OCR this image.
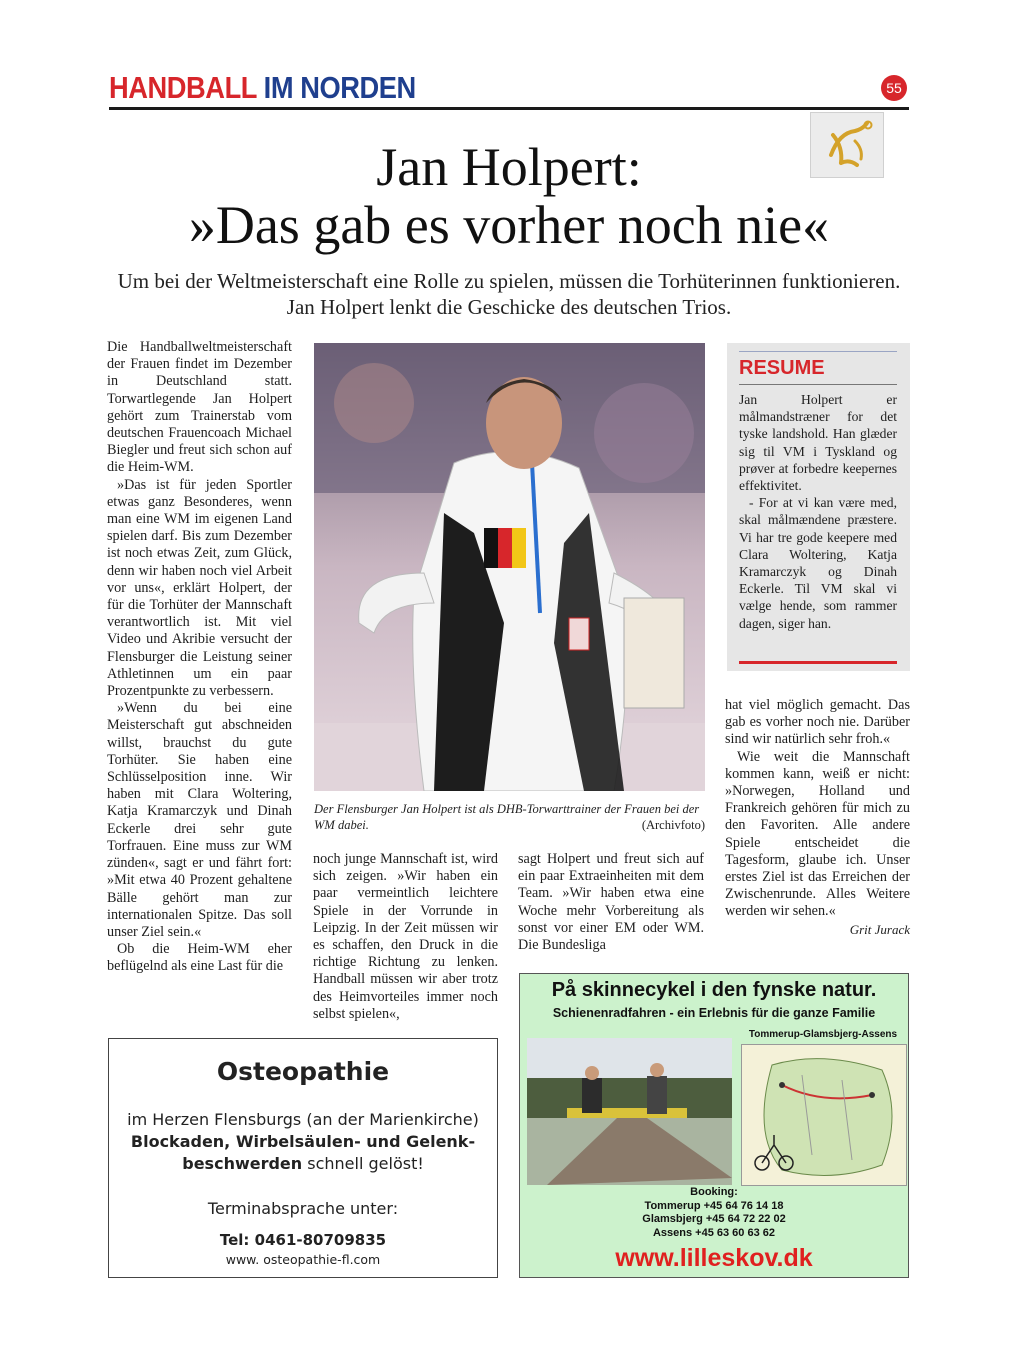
HANDBALL IM NORDEN	55
Jan Holpert:
»Das gab es vorher noch nie«
Um bei der Weltmeisterschaft eine Rolle zu spielen, müssen die Torhüterinnen funktionieren. Jan Holpert lenkt die Geschicke des deutschen Trios.

Die Handballweltmeisterschaft der Frauen findet im Dezember in Deutschland statt. Torwartlegende Jan Holpert gehört zum Trainerstab vom deutschen Frauencoach Michael Biegler und freut sich schon auf die Heim-WM.

»Das ist für jeden Sportler etwas ganz Besonderes, wenn man eine WM im eigenen Land spielen darf. Bis zum Dezember ist noch etwas Zeit, zum Glück, denn wir haben noch viel Arbeit vor uns«, erklärt Holpert, der für die Torhüter der Mannschaft verantwortlich ist. Mit viel Video und Akribie versucht der Flensburger die Leistung seiner Athletinnen um ein paar Prozentpunkte zu verbessern.

»Wenn du bei eine Meisterschaft gut abschneiden willst, brauchst du gute Torhüter. Sie haben eine Schlüsselposition inne. Wir haben mit Clara Woltering, Katja Kramarczyk und Dinah Eckerle drei sehr gute Torfrauen. Eine muss zur WM zünden«, sagt er und fährt fort: »Mit etwa 40 Prozent gehaltene Bälle gehört man zur internationalen Spitze. Das soll unser Ziel sein.«

Ob die Heim-WM eher beflügelnd als eine Last für die

Der Flensburger Jan Holpert ist als DHB-Torwarttrainer der Frauen bei der WM dabei.	(Archivfoto)
RESUME

Jan Holpert er målmandstræner for det tyske landshold. Han glæder sig til VM i Tyskland og prøver at forbedre keepernes effektivitet.

- For at vi kan være med, skal målmændene præstere. Vi har tre gode keepere med Clara Woltering, Katja Kramarczyk og Dinah Eckerle. Til VM skal vi vælge hende, som rammer dagen, siger han.

noch junge Mannschaft ist, wird sich zeigen. »Wir haben ein paar vermeintlich leichtere Spiele in der Vorrunde in Leipzig. In der Zeit müssen wir es schaffen, den Druck in die richtige Richtung zu lenken. Handball müssen wir aber trotz des Heimvorteiles immer noch selbst spielen«,

sagt Holpert und freut sich auf ein paar Extraeinheiten mit dem Team. »Wir haben etwa eine Woche mehr Vorbereitung als sonst vor einer EM oder WM. Die Bundesliga

hat viel möglich gemacht. Das gab es vorher noch nie. Darüber sind wir natürlich sehr froh.«

Wie weit die Mannschaft kommen kann, weiß er nicht: »Norwegen, Holland und Frankreich gehören für mich zu den Favoriten. Alle andere Spiele entscheidet die Tagesform, glaube ich. Unser erstes Ziel ist das Erreichen der Zwischenrunde. Alles Weitere werden wir sehen.«

Grit Jurack

Osteopathie
im Herzen Flensburgs (an der Marienkirche)
Blockaden, Wirbelsäulen- und Gelenk-
beschwerden schnell gelöst!
Terminabsprache unter:
Tel: 0461-80709835
www. osteopathie-fl.com
På skinnecykel i den fynske natur.
Schienenradfahren - ein Erlebnis für die ganze Familie
Tommerup-Glamsbjerg-Assens
Booking:
Tommerup +45 64 76 14 18
Glamsbjerg +45 64 72 22 02
Assens +45 63 60 63 62
www.lilleskov.dk
